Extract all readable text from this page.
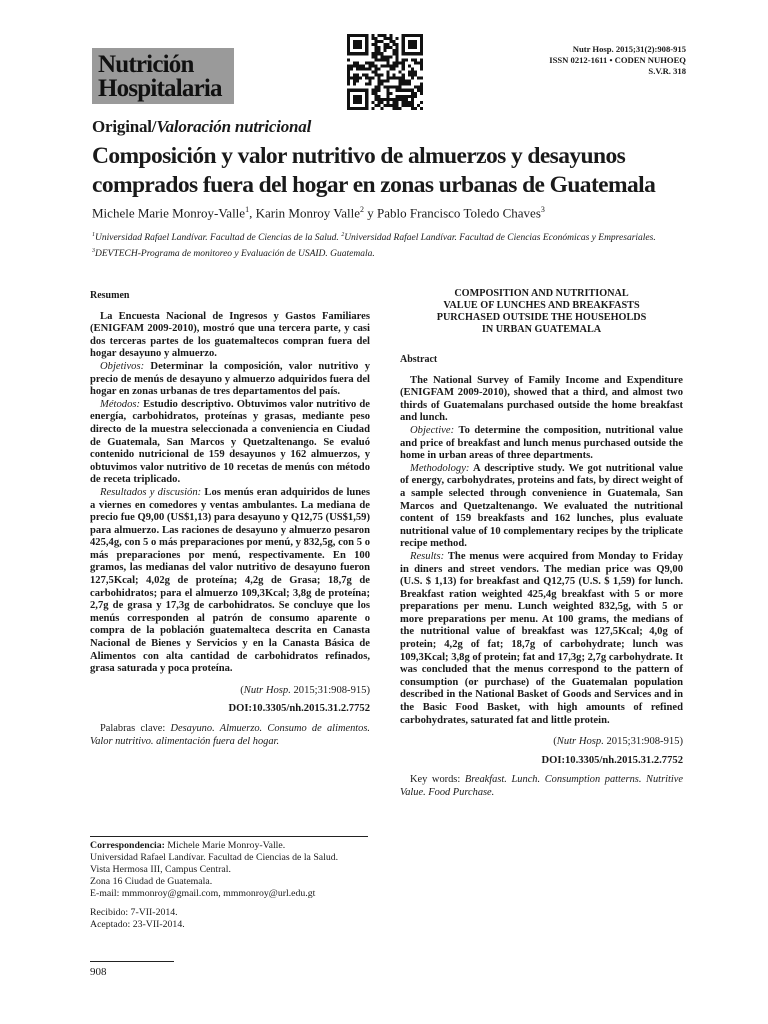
Nutrición
Hospitalaria
Nutr Hosp. 2015;31(2):908-915
ISSN 0212-1611 • CODEN NUHOEQ
S.V.R. 318
Original/Valoración nutricional
Composición y valor nutritivo de almuerzos y desayunos comprados fuera del hogar en zonas urbanas de Guatemala
Michele Marie Monroy-Valle$^1$, Karin Monroy Valle$^2$ y Pablo Francisco Toledo Chaves$^3$
$^1$Universidad Rafael Landívar. Facultad de Ciencias de la Salud. $^2$Universidad Rafael Landívar. Facultad de Ciencias Económicas y Empresariales. $^3$DEVTECH-Programa de monitoreo y Evaluación de USAID. Guatemala.
Resumen

La Encuesta Nacional de Ingresos y Gastos Familiares (ENIGFAM 2009-2010), mostró que una tercera parte, y casi dos terceras partes de los guatemaltecos compran fuera del hogar desayuno y almuerzo.

Objetivos: Determinar la composición, valor nutritivo y precio de menús de desayuno y almuerzo adquiridos fuera del hogar en zonas urbanas de tres departamentos del país.

Métodos: Estudio descriptivo. Obtuvimos valor nutritivo de energía, carbohidratos, proteínas y grasas, mediante peso directo de la muestra seleccionada a conveniencia en Ciudad de Guatemala, San Marcos y Quetzaltenango. Se evaluó contenido nutricional de 159 desayunos y 162 almuerzos, y obtuvimos valor nutritivo de 10 recetas de menús con método de receta triplicado.

Resultados y discusión: Los menús eran adquiridos de lunes a viernes en comedores y ventas ambulantes. La mediana de precio fue Q9,00 (US$1,13) para desayuno y Q12,75 (US$1,59) para almuerzo. Las raciones de desayuno y almuerzo pesaron 425,4g, con 5 o más preparaciones por menú, y 832,5g, con 5 o más preparaciones por menú, respectivamente. En 100 gramos, las medianas del valor nutritivo de desayuno fueron 127,5Kcal; 4,02g de proteína; 4,2g de Grasa; 18,7g de carbohidratos; para el almuerzo 109,3Kcal; 3,8g de proteína; 2,7g de grasa y 17,3g de carbohidratos. Se concluye que los menús corresponden al patrón de consumo aparente o compra de la población guatemalteca descrita en Canasta Nacional de Bienes y Servicios y en la Canasta Básica de Alimentos con alta cantidad de carbohidratos refinados, grasa saturada y poca proteína.

(Nutr Hosp. 2015;31:908-915)
DOI:10.3305/nh.2015.31.2.7752
Palabras clave: Desayuno. Almuerzo. Consumo de alimentos. Valor nutritivo. alimentación fuera del hogar.
COMPOSITION AND NUTRITIONAL
VALUE OF LUNCHES AND BREAKFASTS
PURCHASED OUTSIDE THE HOUSEHOLDS
IN URBAN GUATEMALA
Abstract

The National Survey of Family Income and Expenditure (ENIGFAM 2009-2010), showed that a third, and almost two thirds of Guatemalans purchased outside the home breakfast and lunch.

Objective: To determine the composition, nutritional value and price of breakfast and lunch menus purchased outside the home in urban areas of three departments.

Methodology: A descriptive study. We got nutritional value of energy, carbohydrates, proteins and fats, by direct weight of a sample selected through convenience in Guatemala, San Marcos and Quetzaltenango. We evaluated the nutritional content of 159 breakfasts and 162 lunches, plus evaluate nutritional value of 10 complementary recipes by the triplicate recipe method.

Results: The menus were acquired from Monday to Friday in diners and street vendors. The median price was Q9,00 (U.S. $ 1,13) for breakfast and Q12,75 (U.S. $ 1,59) for lunch. Breakfast ration weighted 425,4g breakfast with 5 or more preparations per menu. Lunch weighted 832,5g, with 5 or more preparations per menu. At 100 grams, the medians of the nutritional value of breakfast was 127,5Kcal; 4,0g of protein; 4,2g of fat; 18,7g of carbohydrate; lunch was 109,3Kcal; 3,8g of protein; fat and 17,3g; 2,7g carbohydrate. It was concluded that the menus correspond to the pattern of consumption (or purchase) of the Guatemalan population described in the National Basket of Goods and Services and in the Basic Food Basket, with high amounts of refined carbohydrates, saturated fat and little protein.

(Nutr Hosp. 2015;31:908-915)
DOI:10.3305/nh.2015.31.2.7752
Key words: Breakfast. Lunch. Consumption patterns. Nutritive Value. Food Purchase.
Correspondencia: Michele Marie Monroy-Valle.
Universidad Rafael Landívar. Facultad de Ciencias de la Salud.
Vista Hermosa III, Campus Central.
Zona 16 Ciudad de Guatemala.
E-mail: mmmonroy@gmail.com, mmmonroy@url.edu.gt
Recibido: 7-VII-2014.
Aceptado: 23-VII-2014.
908
